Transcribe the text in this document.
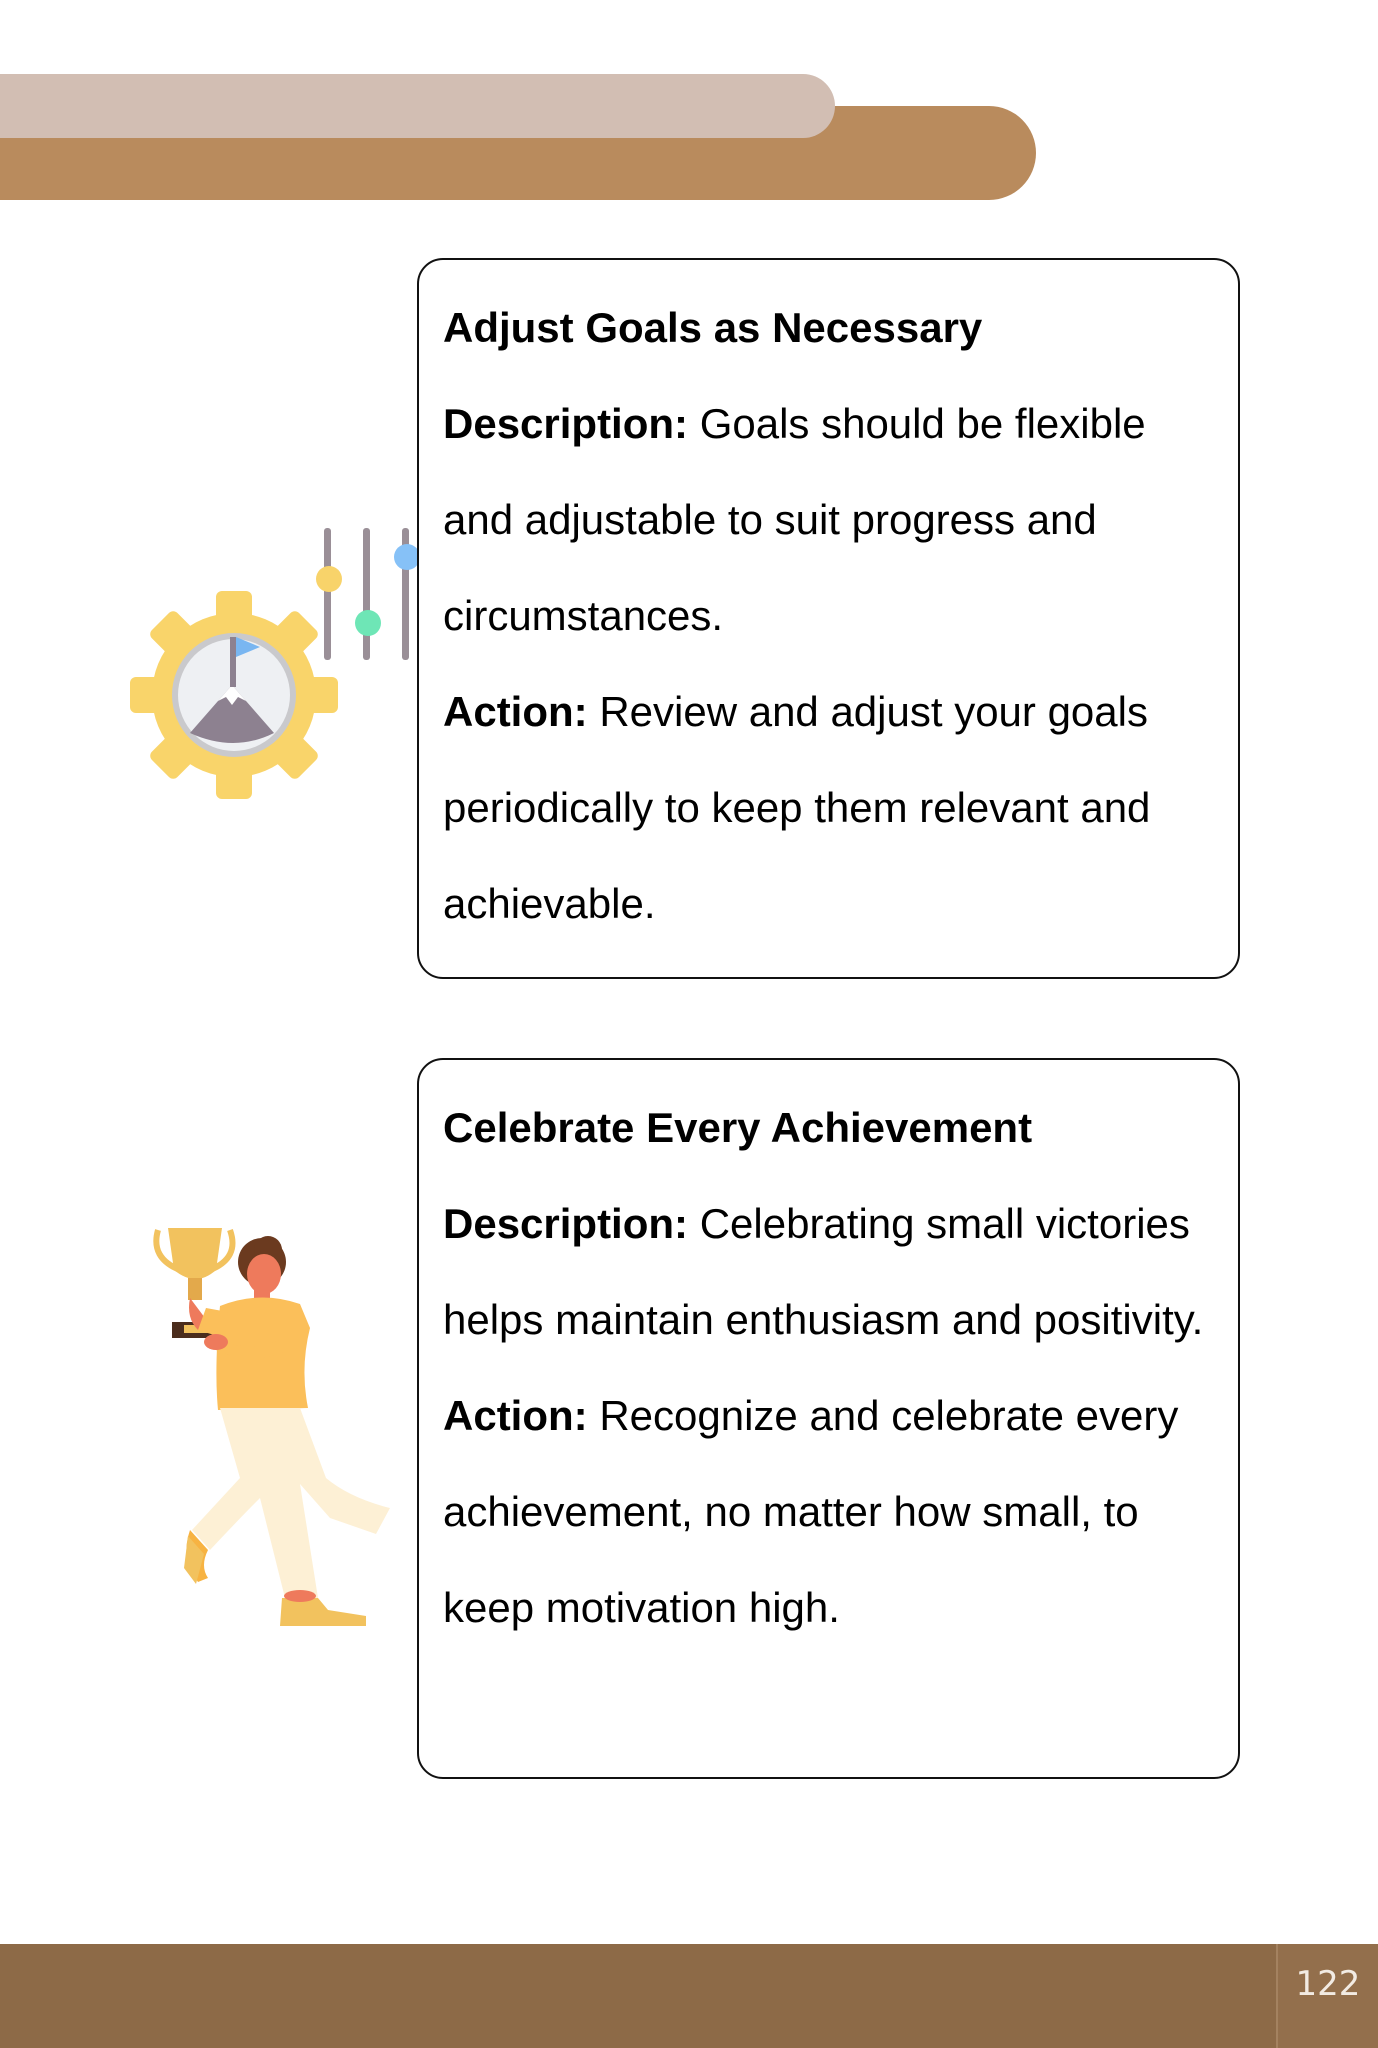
Adjust Goals as Necessary
Description: Goals should be flexible and adjustable to suit progress and circumstances.
Action: Review and adjust your goals periodically to keep them relevant and achievable.
Celebrate Every Achievement
Description: Celebrating small victories helps maintain enthusiasm and positivity.
Action: Recognize and celebrate every achievement, no matter how small, to keep motivation high.
122
